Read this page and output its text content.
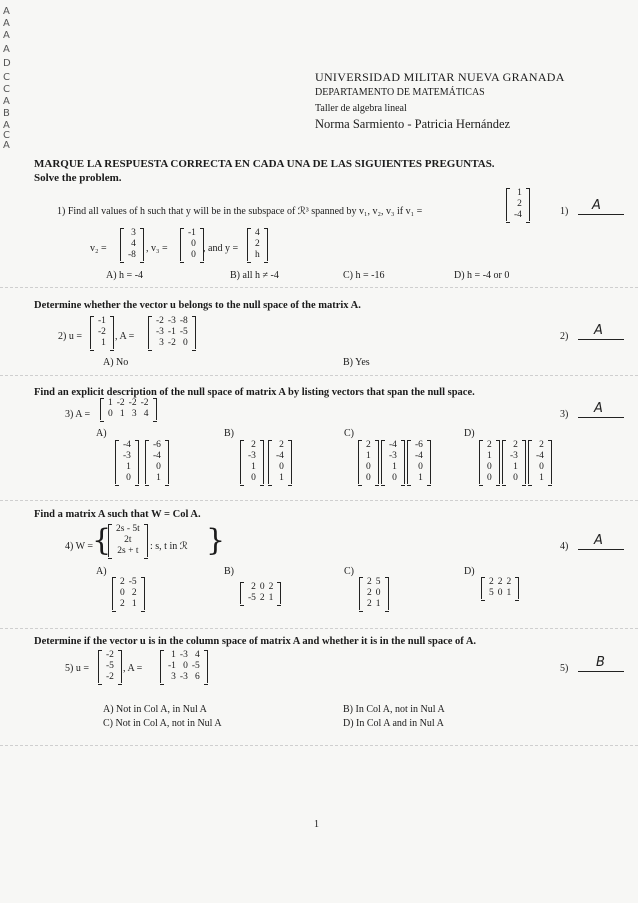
A
A
A
A
D
C
C
A
B
A
C
A
UNIVERSIDAD MILITAR NUEVA GRANADA
DEPARTAMENTO DE MATEMÁTICAS
Taller de algebra lineal
Norma Sarmiento - Patricia Hernández
MARQUE LA RESPUESTA CORRECTA EN CADA UNA DE LAS SIGUIENTES PREGUNTAS.
Solve the problem.
1) Find all values of h such that y will be in the subspace of ℛ³ spanned by v₁, v₂, v₃ if v₁ =
1
2
-4	1) A
v₂ =
3
4
-8
, v₃ =
-1
0
0
, and y =
4
2
h
A) h = -4	B) all h ≠ -4	C) h = -16	D) h = -4 or 0
Determine whether the vector u belongs to the null space of the matrix A.
2) u =
-1
-2
1
, A =
-2	-3	-8
-3	-1	-5
3	-2	0
2) A
A) No	B) Yes
Find an explicit description of the null space of matrix A by listing vectors that span the null space.
3) A =
1	-2	-2	-2
0	1	3	4	3) A
A)
-4
-3
1
0
-6
-4
0
1
B)
2
-3
1
0
2
-4
0
1
C)
2
1
0
0
-4
-3
1
0
-6
-4
0
1
D)
2
1
0
0
2
-3
1
0
2
-4
0
1
Find a matrix A such that W = Col A.
4) W =
{ 2s - 5t
2t
2s + t : s, t in ℛ }	4) A
A)
2	-5
0	2
2	1
B)
2	0	2
-5	2	1
C)
2	5
2	0
2	1
D)
2	2	2
5	0	1
Determine if the vector u is in the column space of matrix A and whether it is in the null space of A.
5) u =
-2
-5
-2
, A =
1	-3	4
-1	0	-5
3	-3	6
5) B
A) Not in Col A, in Nul A	B) In Col A, not in Nul A
C) Not in Col A, not in Nul A	D) In Col A and in Nul A
1
